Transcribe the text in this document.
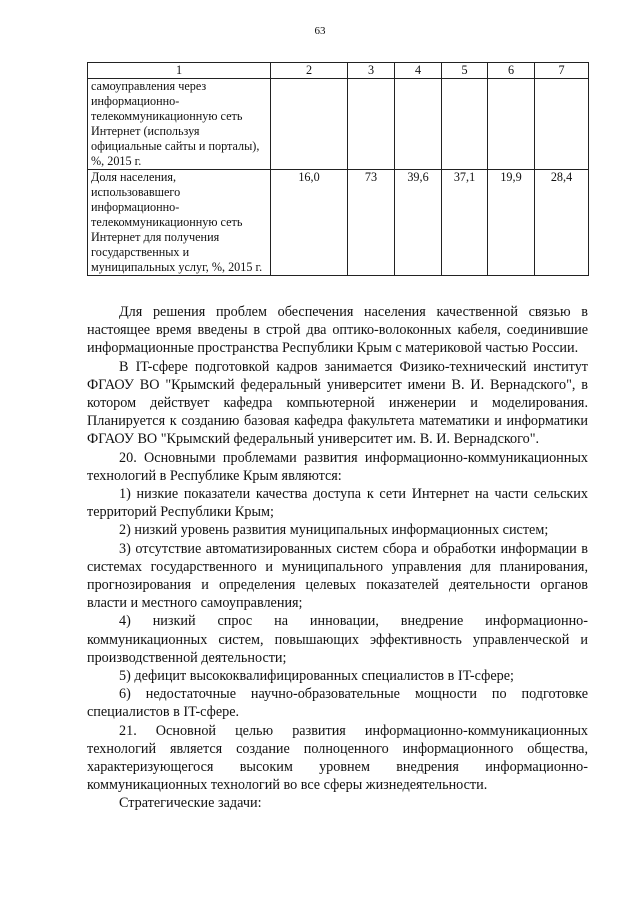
63
1	2	3	4	5	6	7
самоуправления через информационно-телекоммуникационную сеть Интернет (используя официальные сайты и порталы), %, 2015 г.						
Доля населения, использовавшего информационно-телекоммуникационную сеть Интернет для получения государственных и муниципальных услуг, %, 2015 г.	16,0	73	39,6	37,1	19,9	28,4

Для решения проблем обеспечения населения качественной связью в настоящее время введены в строй два оптико-волоконных кабеля, соединившие информационные пространства Республики Крым с материковой частью России.

В IT-сфере подготовкой кадров занимается Физико-технический институт ФГАОУ ВО "Крымский федеральный университет имени В. И. Вернадского", в котором действует кафедра компьютерной инженерии и моделирования. Планируется к созданию базовая кафедра факультета математики и информатики ФГАОУ ВО "Крымский федеральный университет им. В. И. Вернадского".

20. Основными проблемами развития информационно-коммуникационных технологий в Республике Крым являются:

1) низкие показатели качества доступа к сети Интернет на части сельских территорий Республики Крым;

2) низкий уровень развития муниципальных информационных систем;

3) отсутствие автоматизированных систем сбора и обработки информации в системах государственного и муниципального управления для планирования, прогнозирования и определения целевых показателей деятельности органов власти и местного самоуправления;

4) низкий спрос на инновации, внедрение информационно-коммуникационных систем, повышающих эффективность управленческой и производственной деятельности;

5) дефицит высококвалифицированных специалистов в IT-сфере;

6) недостаточные научно-образовательные мощности по подготовке специалистов в IT-сфере.

21. Основной целью развития информационно-коммуникационных технологий является создание полноценного информационного общества, характеризующегося высоким уровнем внедрения информационно-коммуникационных технологий во все сферы жизнедеятельности.

Стратегические задачи:
